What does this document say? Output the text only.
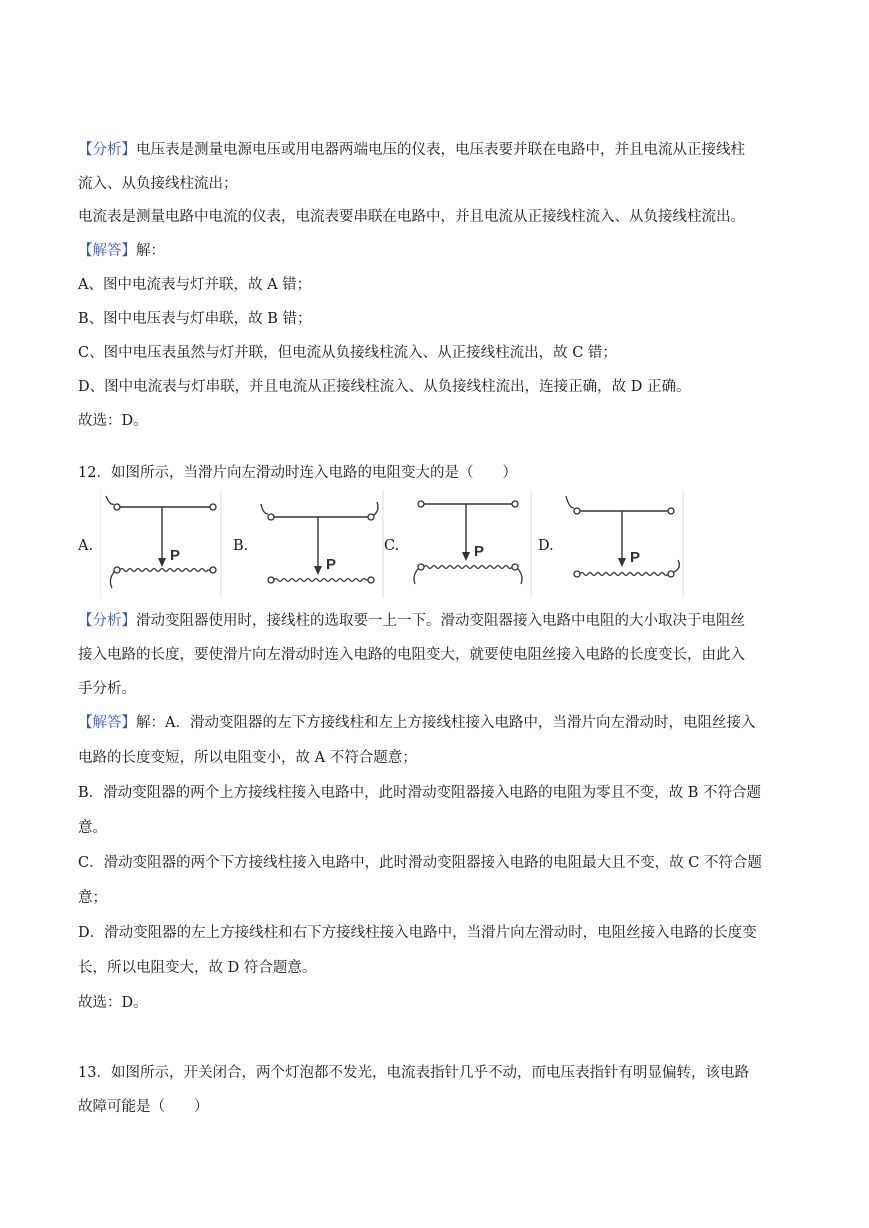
【分析】电压表是测量电源电压或用电器两端电压的仪表，电压表要并联在电路中，并且电流从正接线柱
流入、从负接线柱流出；
电流表是测量电路中电流的仪表，电流表要串联在电路中，并且电流从正接线柱流入、从负接线柱流出。
【解答】解：
A、图中电流表与灯并联，故 A 错；
B、图中电压表与灯串联，故 B 错；
C、图中电压表虽然与灯并联，但电流从负接线柱流入、从正接线柱流出，故 C 错；
D、图中电流表与灯串联，并且电流从正接线柱流入、从负接线柱流出，连接正确，故 D 正确。
故选：D。
12．如图所示，当滑片向左滑动时连入电路的电阻变大的是（　　）
A.
P
B.
P
C.	P	D.
P
【分析】滑动变阻器使用时，接线柱的选取要一上一下。滑动变阻器接入电路中电阻的大小取决于电阻丝
接入电路的长度，要使滑片向左滑动时连入电路的电阻变大，就要使电阻丝接入电路的长度变长，由此入
手分析。
【解答】解：A．滑动变阻器的左下方接线柱和左上方接线柱接入电路中，当滑片向左滑动时，电阻丝接入
电路的长度变短，所以电阻变小，故 A 不符合题意；
B．滑动变阻器的两个上方接线柱接入电路中，此时滑动变阻器接入电路的电阻为零且不变，故 B 不符合题
意。
C．滑动变阻器的两个下方接线柱接入电路中，此时滑动变阻器接入电路的电阻最大且不变，故 C 不符合题
意；
D．滑动变阻器的左上方接线柱和右下方接线柱接入电路中，当滑片向左滑动时，电阻丝接入电路的长度变
长，所以电阻变大，故 D 符合题意。
故选：D。
13．如图所示，开关闭合，两个灯泡都不发光，电流表指针几乎不动，而电压表指针有明显偏转，该电路
故障可能是（　　）
